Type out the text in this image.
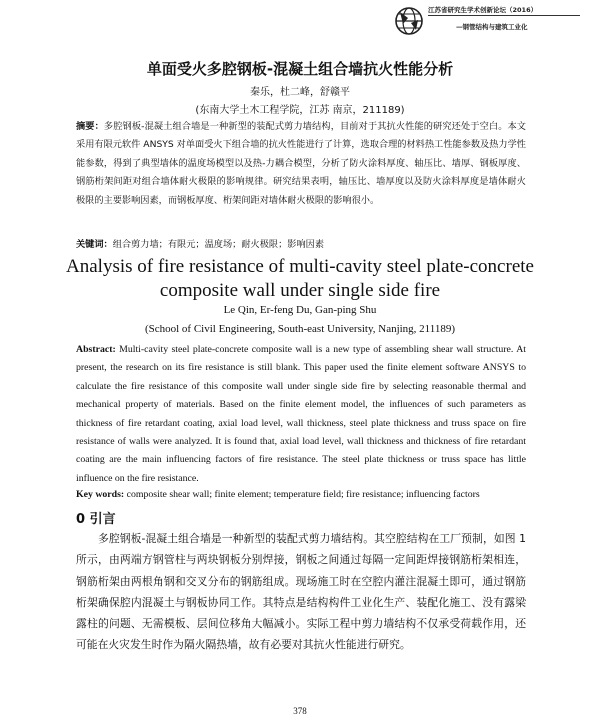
江苏省研究生学术创新论坛（2016）
—钢管结构与建筑工业化
单面受火多腔钢板-混凝土组合墙抗火性能分析
秦乐，杜二峰，舒赣平
(东南大学土木工程学院，江苏 南京，211189)
摘要：多腔钢板-混凝土组合墙是一种新型的装配式剪力墙结构，目前对于其抗火性能的研究还处于空白。本文采用有限元软件 ANSYS 对单面受火下组合墙的抗火性能进行了计算，选取合理的材料热工性能参数及热力学性能参数，得到了典型墙体的温度场模型以及热-力耦合模型，分析了防火涂料厚度、轴压比、墙厚、钢板厚度、钢筋桁架间距对组合墙体耐火极限的影响规律。研究结果表明，轴压比、墙厚度以及防火涂料厚度是墙体耐火极限的主要影响因素，而钢板厚度、桁架间距对墙体耐火极限的影响很小。
关键词：组合剪力墙；有限元；温度场；耐火极限；影响因素
Analysis of fire resistance of multi-cavity steel plate-concrete
composite wall under single side fire
Le Qin, Er-feng Du, Gan-ping Shu
(School of Civil Engineering, South-east University, Nanjing, 211189)
Abstract: Multi-cavity steel plate-concrete composite wall is a new type of assembling shear wall structure. At present, the research on its fire resistance is still blank. This paper used the finite element software ANSYS to calculate the fire resistance of this composite wall under single side fire by selecting reasonable thermal and mechanical property of materials. Based on the finite element model, the influences of such parameters as thickness of fire retardant coating, axial load level, wall thickness, steel plate thickness and truss space on fire resistance of walls were analyzed. It is found that, axial load level, wall thickness and thickness of fire retardant coating are the main influencing factors of fire resistance. The steel plate thickness or truss space has little influence on the fire resistance.
Key words: composite shear wall; finite element; temperature field; fire resistance; influencing factors
0 引言
多腔钢板-混凝土组合墙是一种新型的装配式剪力墙结构。其空腔结构在工厂预制，如图 1 所示，由两端方钢管柱与两块钢板分别焊接，钢板之间通过每隔一定间距焊接钢筋桁架相连，钢筋桁架由两根角钢和交叉分布的钢筋组成。现场施工时在空腔内灌注混凝土即可，通过钢筋桁架确保腔内混凝土与钢板协同工作。其特点是结构构件工业化生产、装配化施工、没有露梁露柱的问题、无需模板、层间位移角大幅减小。实际工程中剪力墙结构不仅承受荷载作用，还可能在火灾发生时作为隔火隔热墙，故有必要对其抗火性能进行研究。
378
